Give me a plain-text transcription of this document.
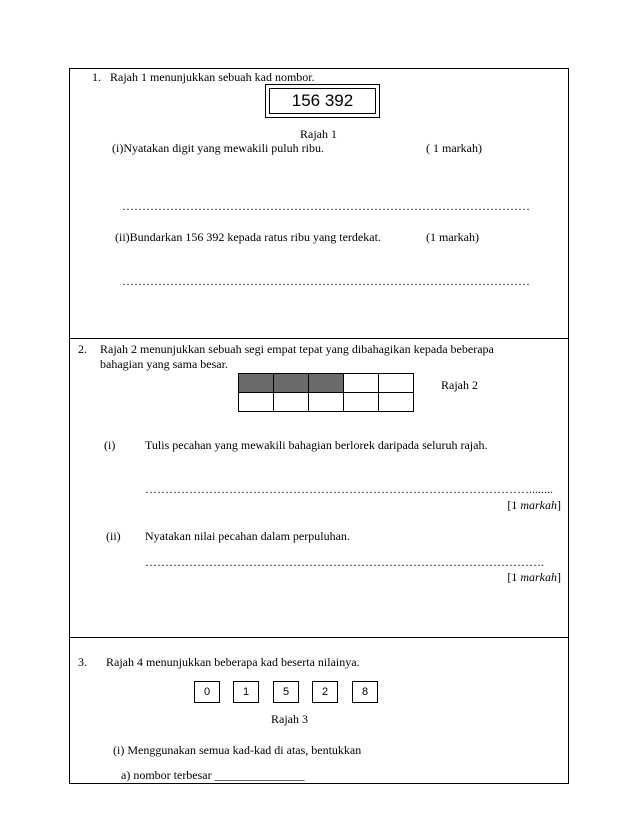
1. Rajah 1 menunjukkan sebuah kad nombor.
156 392
Rajah 1
(i)Nyatakan digit yang mewakili puluh ribu.	( 1 markah)
…………………………………………………………………………………………
(ii)Bundarkan 156 392 kepada ratus ribu yang terdekat.	(1 markah)
…………………………………………………………………………………………
2. Rajah 2 menunjukkan sebuah segi empat tepat yang dibahagikan kepada beberapa
bahagian yang sama besar.

Rajah 2
(i) Tulis pecahan yang mewakili bahagian berlorek daripada seluruh rajah.
……………………………………………………………………………………........
[1 markah]
(ii) Nyatakan nilai pecahan dalam perpuluhan.
……………………………………………………………………………………….
[1 markah]
3. Rajah 4 menunjukkan beberapa kad beserta nilainya.
0	1	5	2	8
Rajah 3
(i) Menggunakan semua kad-kad di atas, bentukkan
a) nombor terbesar _______________
